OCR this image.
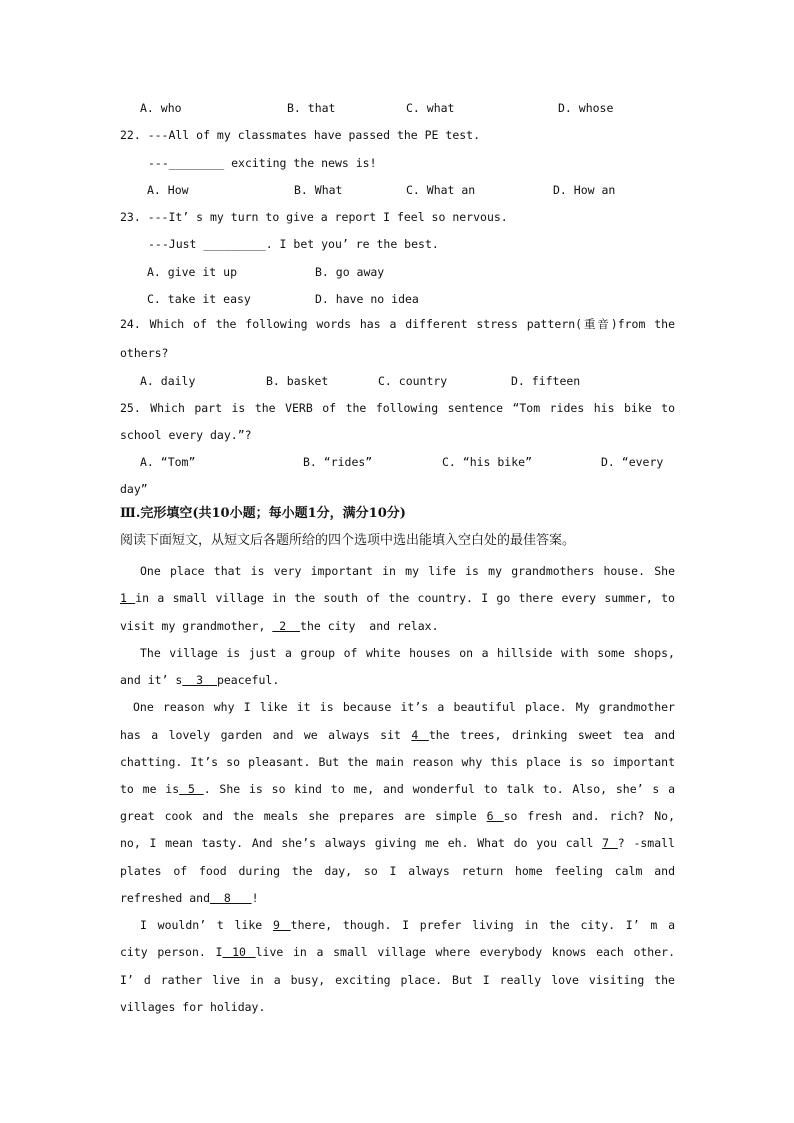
A. who	B. that	C. what	D. whose
22. ---All of my classmates have passed the PE test.
---________ exciting the news is!
A. How	B. What	C. What an	D. How an
23. ---It’ s my turn to give a report I feel so nervous.
---Just _________. I bet you’ re the best.
A. give it up	B. go away
C. take it easy	D. have no idea
24. Which of the following words has a different stress pattern(重音)from the
others?
A. daily	B. basket	C. country	D. fifteen
25. Which part is the VERB of the following sentence “Tom rides his bike to
school every day.”?
A. “Tom”	B. “rides”	C. “his bike”	D. “every
day”
Ⅲ.完形填空(共10小题；每小题1分，满分10分)
阅读下面短文，从短文后各题所给的四个选项中选出能填入空白处的最佳答案。
One place that is very important in my life is my grandmothers house. She
1 in a small village in the south of the country. I go there every summer, to
visit my grandmother,  2  the city  and relax.
The village is just a group of white houses on a hillside with some shops,
and it’ s  3  peaceful.
One reason why I like it is because it’s a beautiful place. My grandmother
has a lovely garden and we always sit 4 the trees, drinking sweet tea and
chatting. It’s so pleasant. But the main reason why this place is so important
to me is 5 . She is so kind to me, and wonderful to talk to. Also, she’ s a
great cook and the meals she prepares are simple 6 so fresh and. rich? No,
no, I mean tasty. And she’s always giving me eh. What do you call 7 ? -small
plates of food during the day, so I always return home feeling calm and
refreshed and  8   !
I wouldn’ t like 9 there, though. I prefer living in the city. I’ m a
city person. I 10 live in a small village where everybody knows each other.
I’ d rather live in a busy, exciting place. But I really love visiting the
villages for holiday.
